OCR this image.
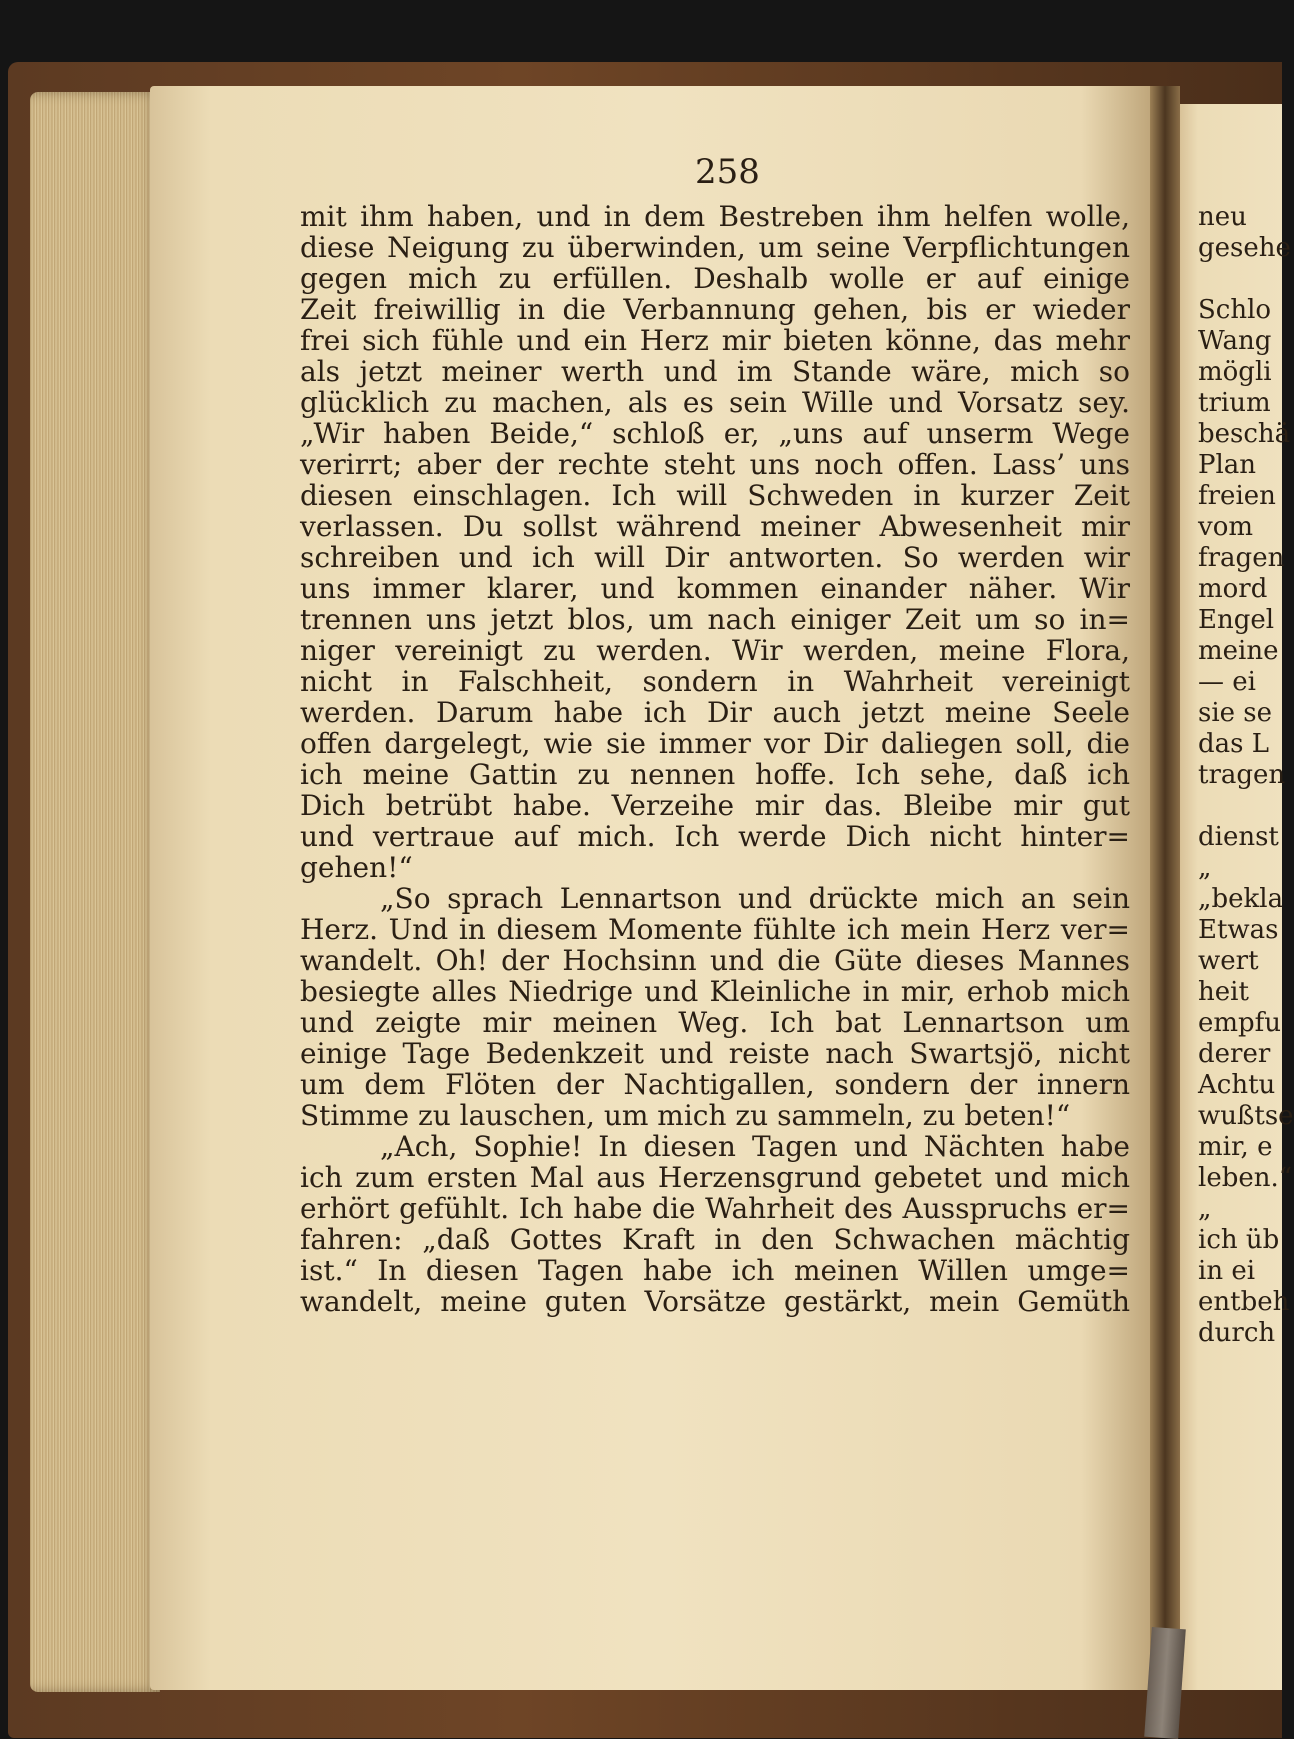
258
mit ihm haben, und in dem Bestreben ihm helfen wolle,
diese Neigung zu überwinden, um seine Verpflichtungen
gegen mich zu erfüllen. Deshalb wolle er auf einige
Zeit freiwillig in die Verbannung gehen, bis er wieder
frei sich fühle und ein Herz mir bieten könne, das mehr
als jetzt meiner werth und im Stande wäre, mich so
glücklich zu machen, als es sein Wille und Vorsatz sey.
„Wir haben Beide,“ schloß er, „uns auf unserm Wege
verirrt; aber der rechte steht uns noch offen. Lass’ uns
diesen einschlagen. Ich will Schweden in kurzer Zeit
verlassen. Du sollst während meiner Abwesenheit mir
schreiben und ich will Dir antworten. So werden wir
uns immer klarer, und kommen einander näher. Wir
trennen uns jetzt blos, um nach einiger Zeit um so in=
niger vereinigt zu werden. Wir werden, meine Flora,
nicht in Falschheit, sondern in Wahrheit vereinigt
werden. Darum habe ich Dir auch jetzt meine Seele
offen dargelegt, wie sie immer vor Dir daliegen soll, die
ich meine Gattin zu nennen hoffe. Ich sehe, daß ich
Dich betrübt habe. Verzeihe mir das. Bleibe mir gut
und vertraue auf mich. Ich werde Dich nicht hinter=
gehen!“
„So sprach Lennartson und drückte mich an sein
Herz. Und in diesem Momente fühlte ich mein Herz ver=
wandelt. Oh! der Hochsinn und die Güte dieses Mannes
besiegte alles Niedrige und Kleinliche in mir, erhob mich
und zeigte mir meinen Weg. Ich bat Lennartson um
einige Tage Bedenkzeit und reiste nach Swartsjö, nicht
um dem Flöten der Nachtigallen, sondern der innern
Stimme zu lauschen, um mich zu sammeln, zu beten!“
„Ach, Sophie! In diesen Tagen und Nächten habe
ich zum ersten Mal aus Herzensgrund gebetet und mich
erhört gefühlt. Ich habe die Wahrheit des Ausspruchs er=
fahren: „daß Gottes Kraft in den Schwachen mächtig
ist.“ In diesen Tagen habe ich meinen Willen umge=
wandelt, meine guten Vorsätze gestärkt, mein Gemüth
neu
gesehe
Schlo
Wang
mögli
trium
beschä
Plan
freien
vom
fragen
mord
Engel
meine
— ei
sie se
das L
tragen
dienst
„
„bekla
Etwas
wert
heit
empfu
derer
Achtu
wußtse
mir, e
leben.“
„
ich üb
in ei
entbeh
durch
